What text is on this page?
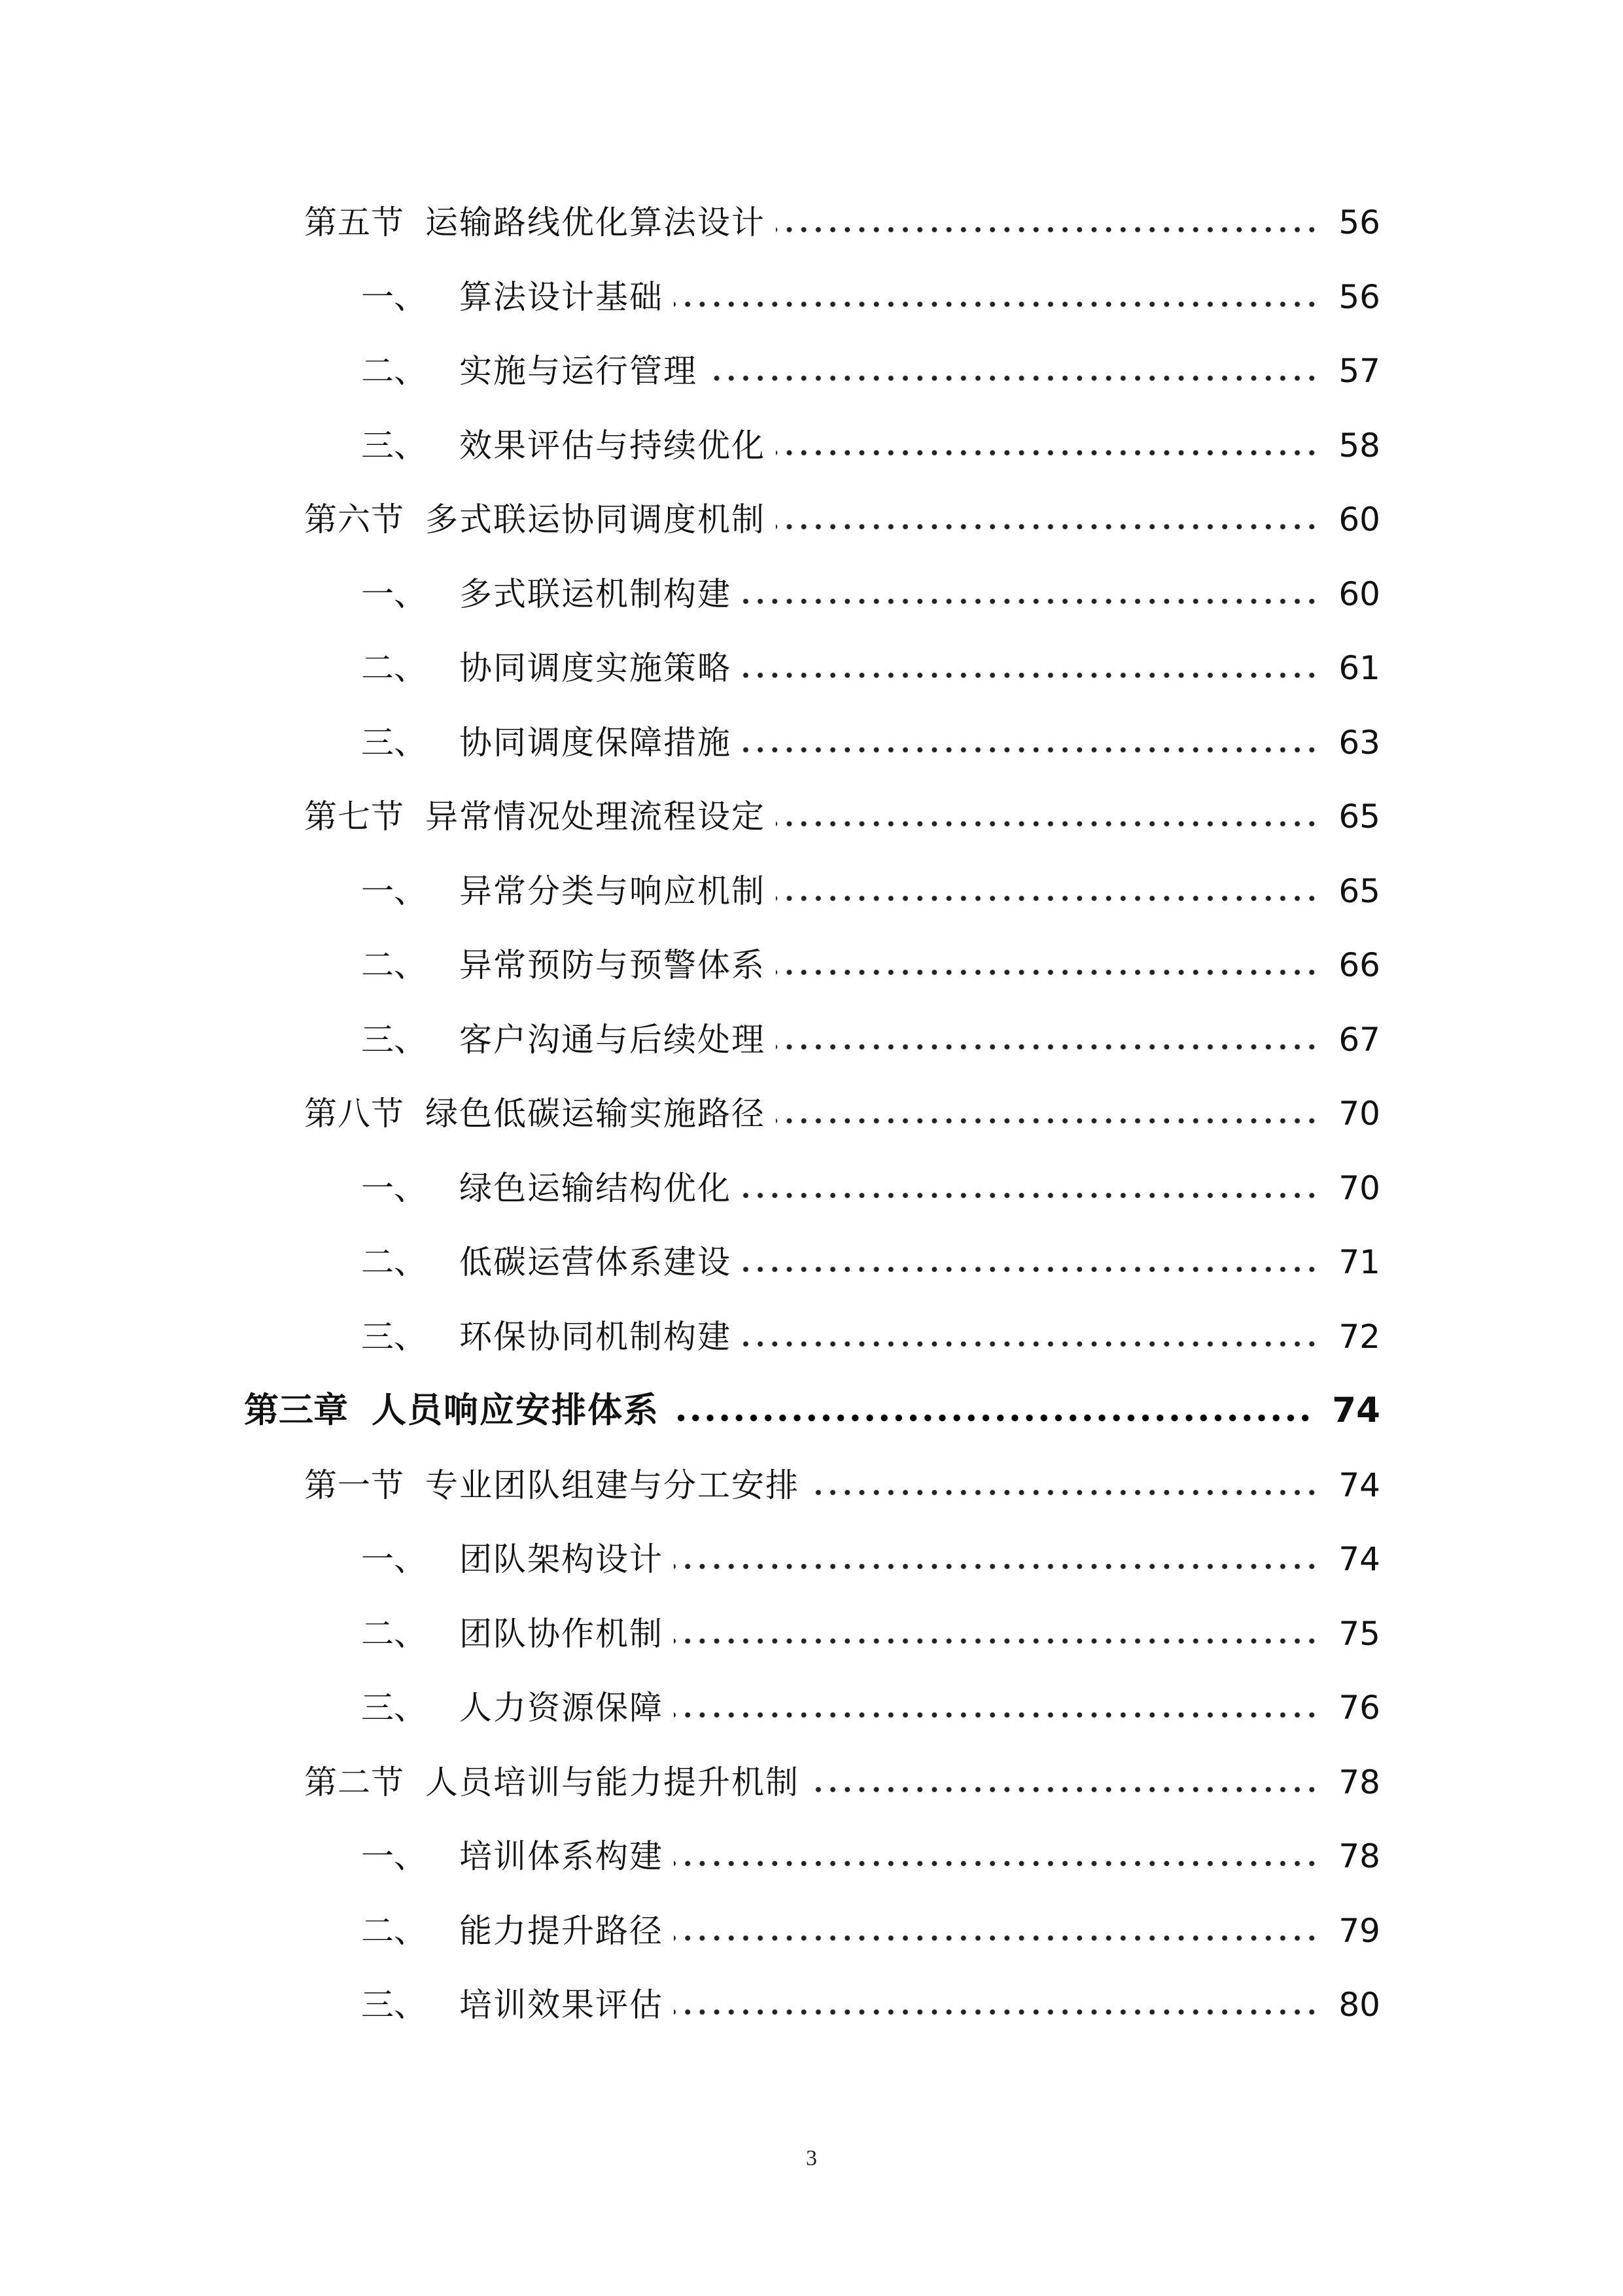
第五节 运输路线优化算法设计	56
一、	算法设计基础	56
二、	实施与运行管理	57
三、	效果评估与持续优化	58
第六节 多式联运协同调度机制	60
一、	多式联运机制构建	60
二、	协同调度实施策略	61
三、	协同调度保障措施	63
第七节 异常情况处理流程设定	65
一、	异常分类与响应机制	65
二、	异常预防与预警体系	66
三、	客户沟通与后续处理	67
第八节 绿色低碳运输实施路径	70
一、	绿色运输结构优化	70
二、	低碳运营体系建设	71
三、	环保协同机制构建	72
第三章 人员响应安排体系	74
第一节 专业团队组建与分工安排	74
一、	团队架构设计	74
二、	团队协作机制	75
三、	人力资源保障	76
第二节 人员培训与能力提升机制	78
一、	培训体系构建	78
二、	能力提升路径	79
三、	培训效果评估	80
3
